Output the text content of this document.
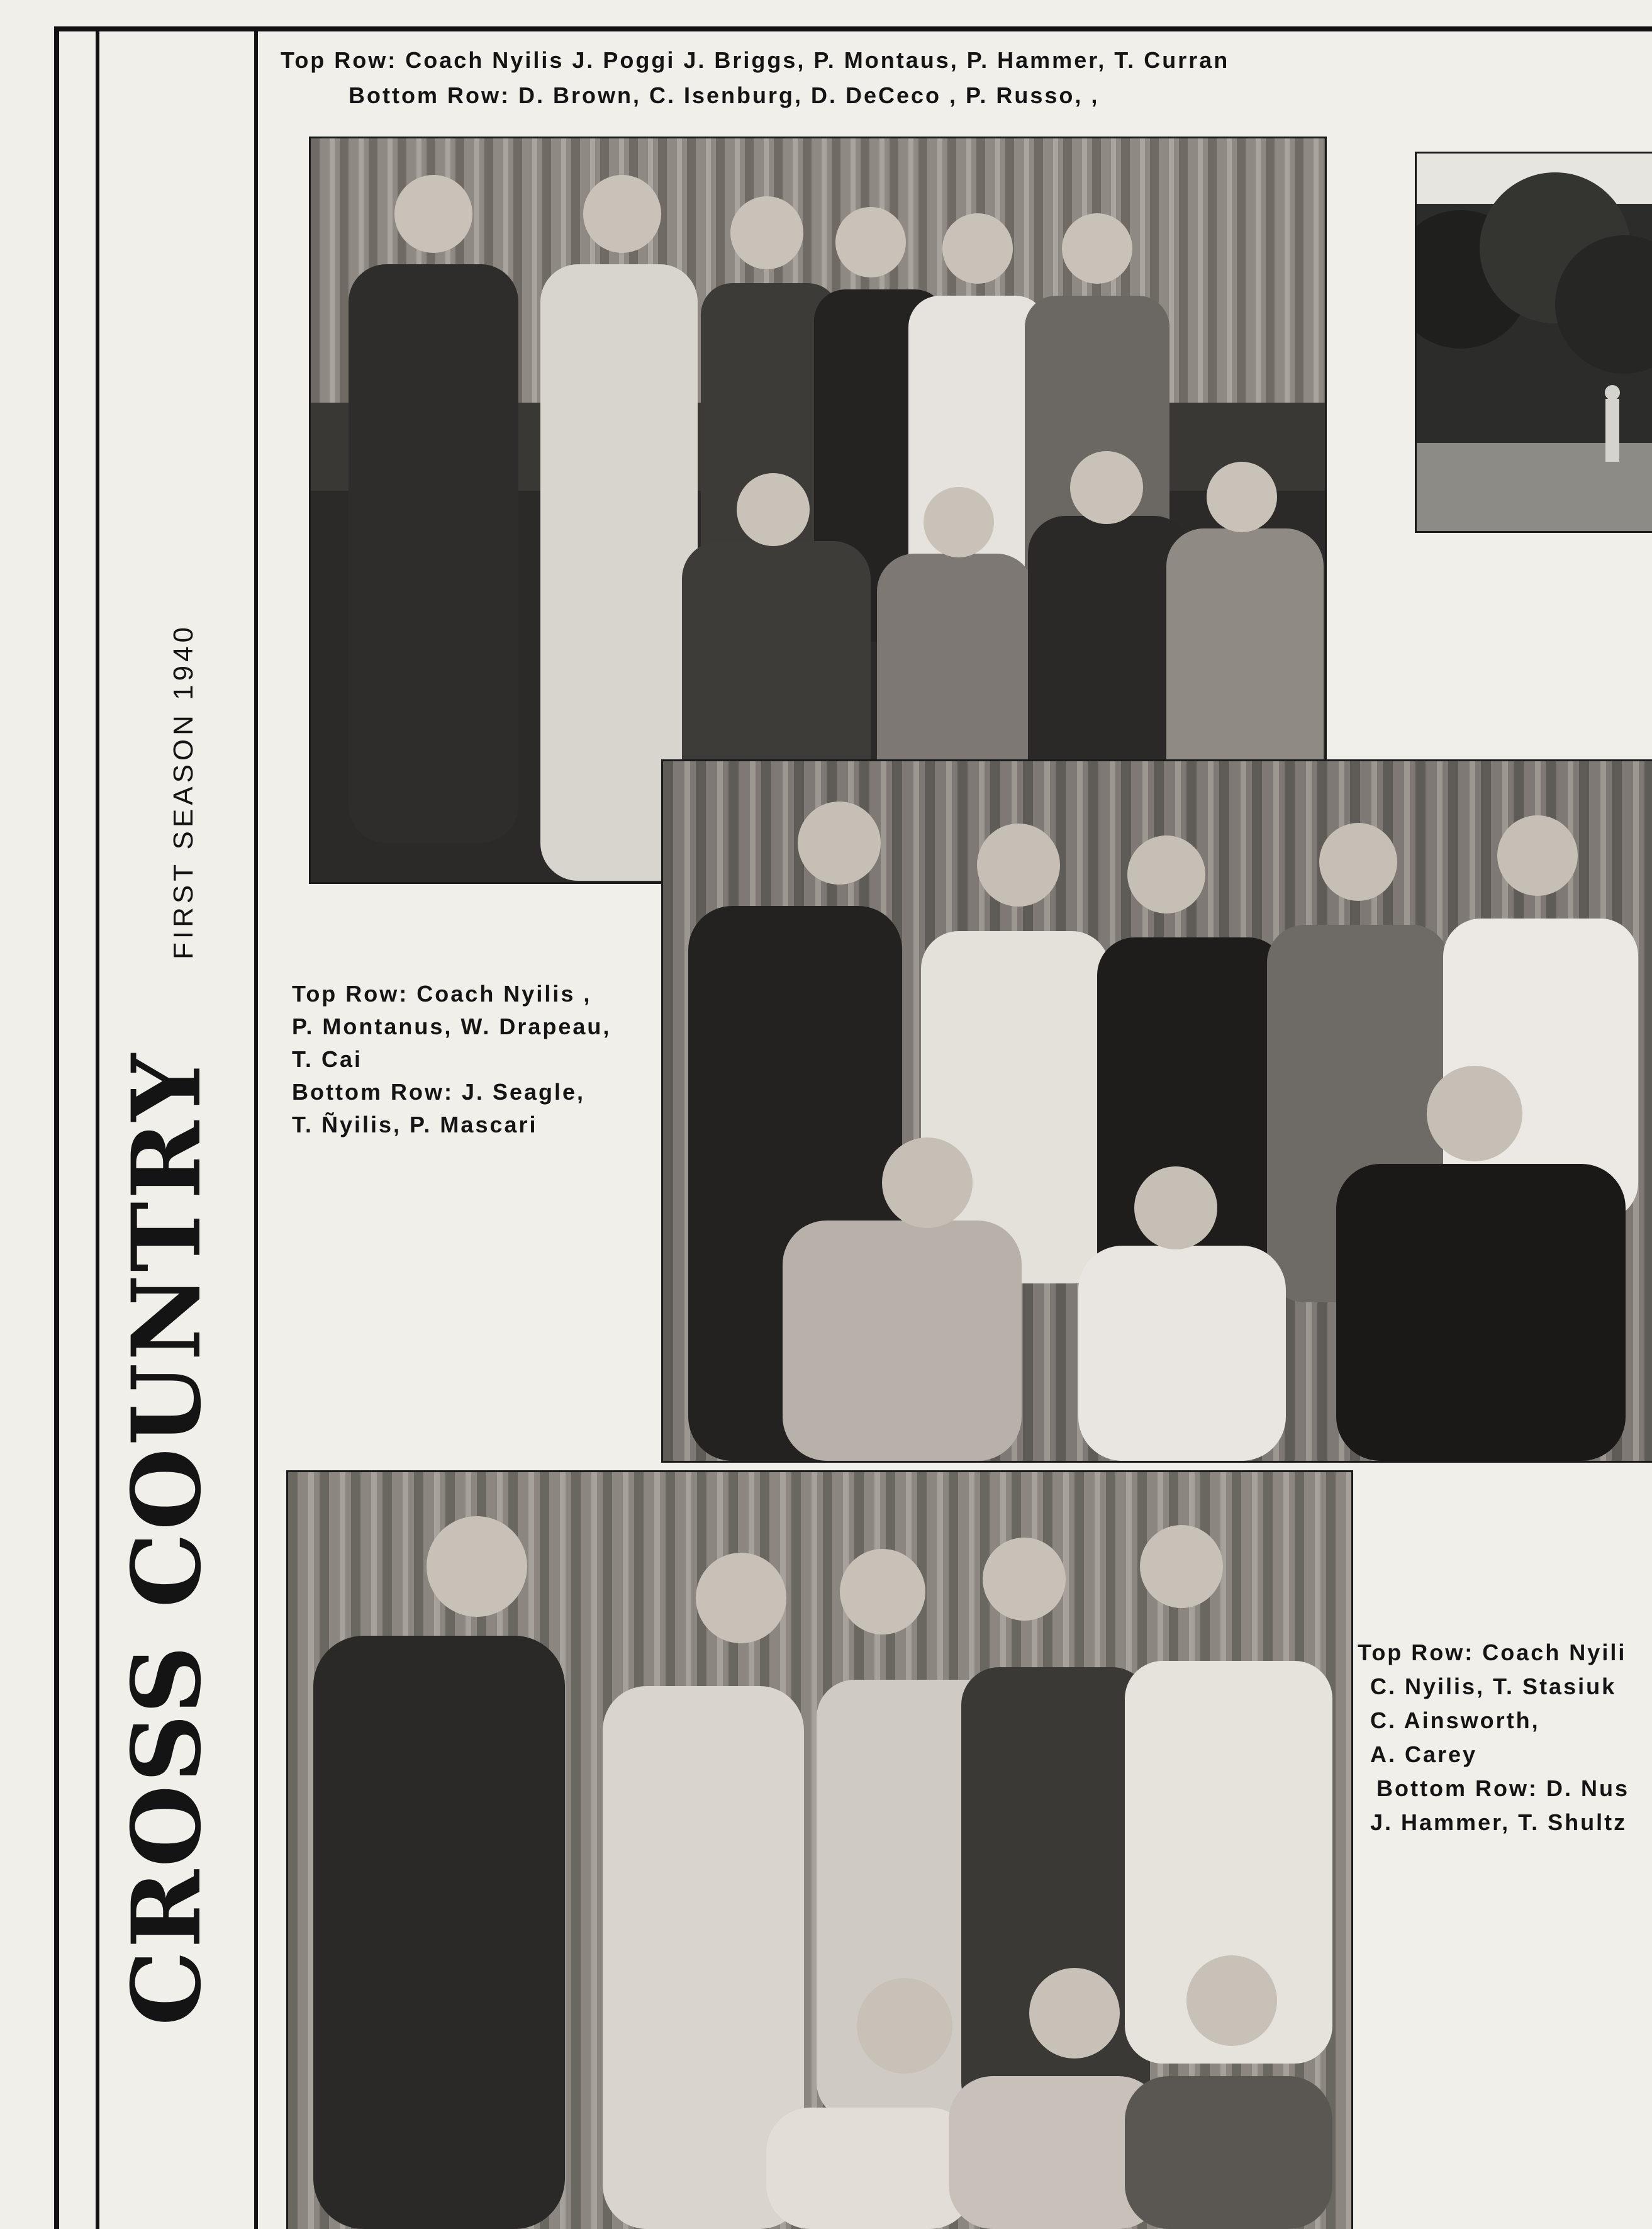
CROSS COUNTRY
FIRST SEASON 1940
Top Row: Coach Nyilis J. Poggi J. Briggs, P. Montaus, P. Hammer, T. Curran
Bottom Row: D. Brown, C. Isenburg, D. DeCeco , P. Russo, ,
Top Row: Coach Nyilis ,
P. Montanus, W. Drapeau,
T. Cai
Bottom Row: J. Seagle,
T. Ñyilis, P. Mascari
Top Row: Coach Nyili
C. Nyilis, T. Stasiuk
C. Ainsworth,
A. Carey
Bottom Row: D. Nus
J. Hammer, T. Shultz
